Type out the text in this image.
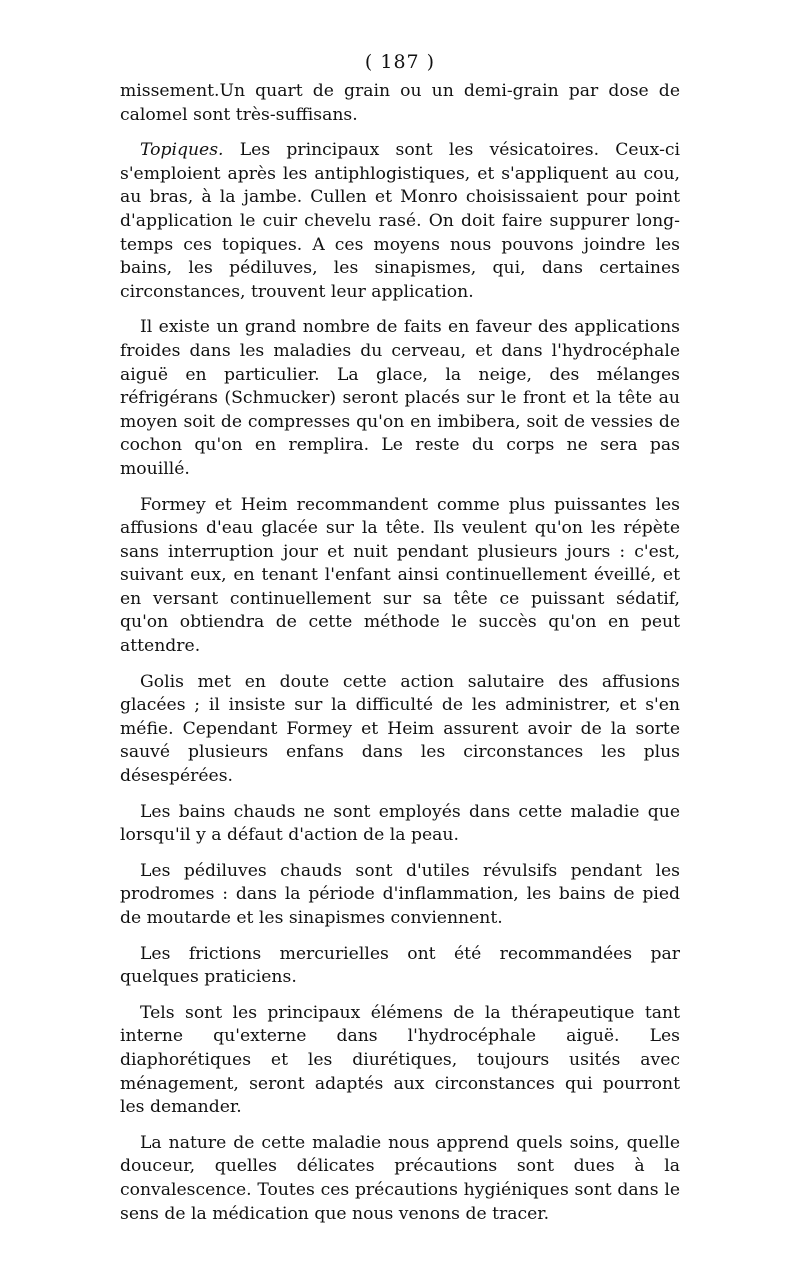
( 187 )

missement.Un quart de grain ou un demi-grain par dose de calomel sont très-suffisans.

Topiques. Les principaux sont les vésicatoires. Ceux-ci s'emploient après les antiphlogistiques, et s'appliquent au cou, au bras, à la jambe. Cullen et Monro choisissaient pour point d'application le cuir chevelu rasé. On doit faire suppurer long-temps ces topiques. A ces moyens nous pouvons joindre les bains, les pédiluves, les sinapismes, qui, dans certaines circonstances, trouvent leur application.

Il existe un grand nombre de faits en faveur des applications froides dans les maladies du cerveau, et dans l'hydrocéphale aiguë en particulier. La glace, la neige, des mélanges réfrigérans (Schmucker) seront placés sur le front et la tête au moyen soit de compresses qu'on en imbibera, soit de vessies de cochon qu'on en remplira. Le reste du corps ne sera pas mouillé.

Formey et Heim recommandent comme plus puissantes les affusions d'eau glacée sur la tête. Ils veulent qu'on les répète sans interruption jour et nuit pendant plusieurs jours : c'est, suivant eux, en tenant l'enfant ainsi continuellement éveillé, et en versant continuellement sur sa tête ce puissant sédatif, qu'on obtiendra de cette méthode le succès qu'on en peut attendre.

Golis met en doute cette action salutaire des affusions glacées ; il insiste sur la difficulté de les administrer, et s'en méfie. Cependant Formey et Heim assurent avoir de la sorte sauvé plusieurs enfans dans les circonstances les plus désespérées.

Les bains chauds ne sont employés dans cette maladie que lorsqu'il y a défaut d'action de la peau.

Les pédiluves chauds sont d'utiles révulsifs pendant les prodromes : dans la période d'inflammation, les bains de pied de moutarde et les sinapismes conviennent.

Les frictions mercurielles ont été recommandées par quelques praticiens.

Tels sont les principaux élémens de la thérapeutique tant interne qu'externe dans l'hydrocéphale aiguë. Les diaphorétiques et les diurétiques, toujours usités avec ménagement, seront adaptés aux circonstances qui pourront les demander.

La nature de cette maladie nous apprend quels soins, quelle douceur, quelles délicates précautions sont dues à la convalescence. Toutes ces précautions hygiéniques sont dans le sens de la médication que nous venons de tracer.
